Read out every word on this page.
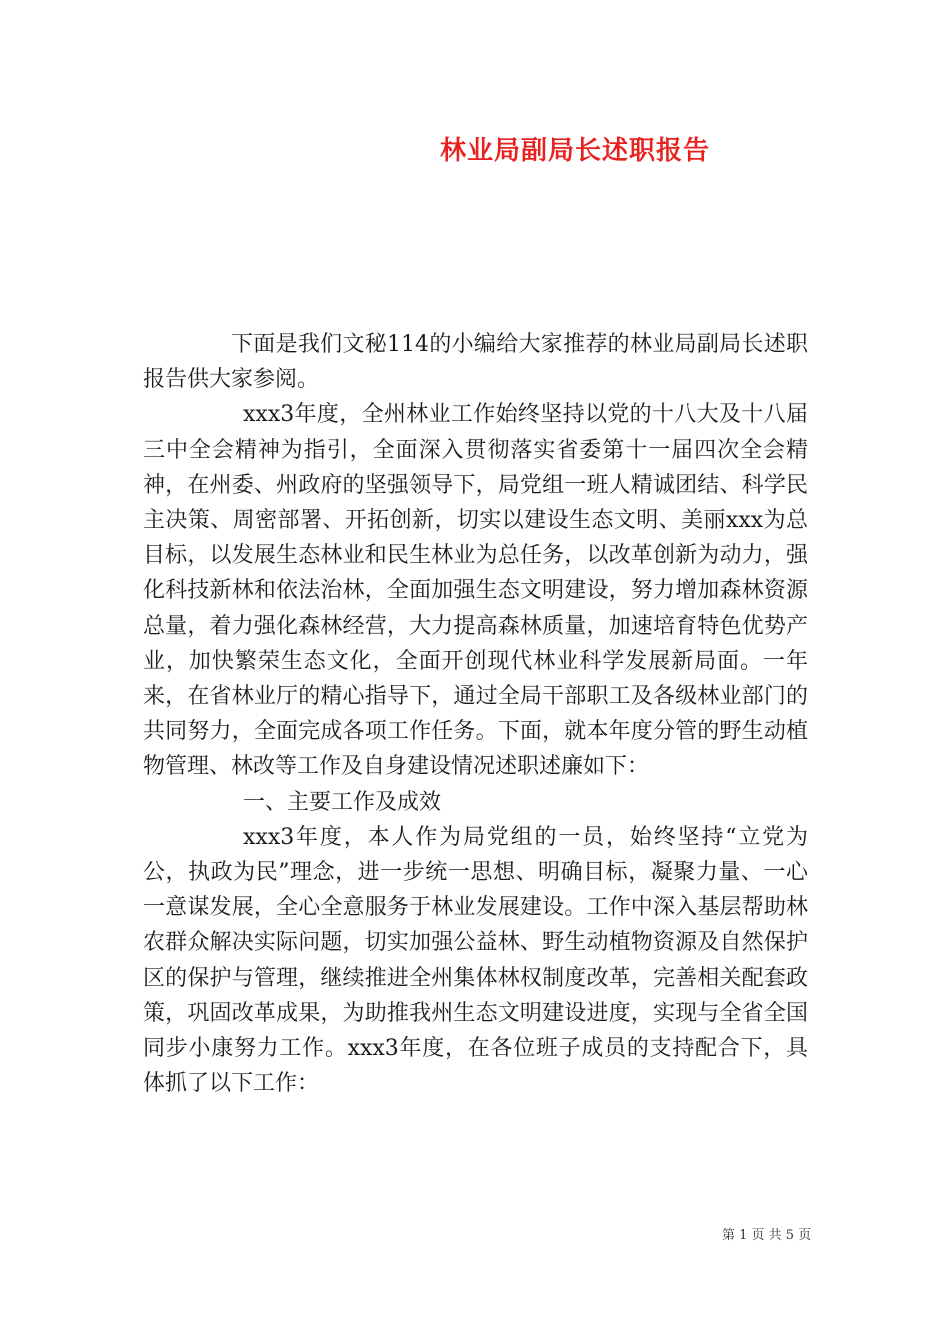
林业局副局长述职报告

下面是我们文秘114的小编给大家推荐的林业局副局长述职报告供大家参阅。

xxx3年度，全州林业工作始终坚持以党的十八大及十八届三中全会精神为指引，全面深入贯彻落实省委第十一届四次全会精神，在州委、州政府的坚强领导下，局党组一班人精诚团结、科学民主决策、周密部署、开拓创新，切实以建设生态文明、美丽xxx为总目标，以发展生态林业和民生林业为总任务，以改革创新为动力，强化科技新林和依法治林，全面加强生态文明建设，努力增加森林资源总量，着力强化森林经营，大力提高森林质量，加速培育特色优势产业，加快繁荣生态文化，全面开创现代林业科学发展新局面。一年来，在省林业厅的精心指导下，通过全局干部职工及各级林业部门的共同努力，全面完成各项工作任务。下面，就本年度分管的野生动植物管理、林改等工作及自身建设情况述职述廉如下：

一、主要工作及成效

xxx3年度，本人作为局党组的一员，始终坚持“立党为公，执政为民”理念，进一步统一思想、明确目标，凝聚力量、一心一意谋发展，全心全意服务于林业发展建设。工作中深入基层帮助林农群众解决实际问题，切实加强公益林、野生动植物资源及自然保护区的保护与管理，继续推进全州集体林权制度改革，完善相关配套政策，巩固改革成果，为助推我州生态文明建设进度，实现与全省全国同步小康努力工作。xxx3年度，在各位班子成员的支持配合下，具体抓了以下工作：

第 1 页 共 5 页
